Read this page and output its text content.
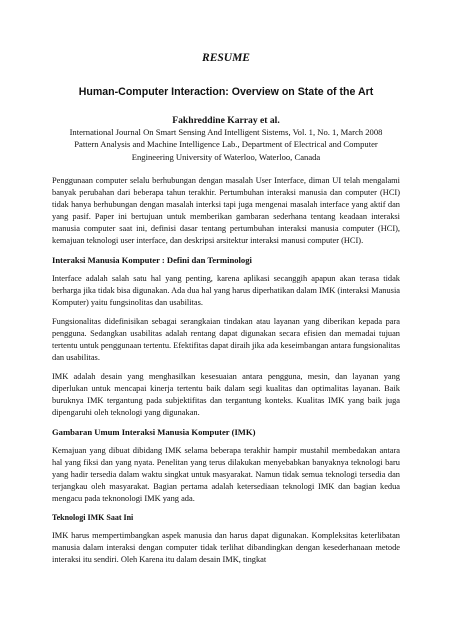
RESUME
Human-Computer Interaction: Overview on State of the Art
Fakhreddine Karray et al.
International Journal On Smart Sensing And Intelligent Sistems, Vol. 1, No. 1, March 2008
Pattern Analysis and Machine Intelligence Lab., Department of Electrical and Computer
Engineering University of Waterloo, Waterloo, Canada

Penggunaan computer selalu berhubungan dengan masalah User Interface, diman UI telah mengalami banyak perubahan dari beberapa tahun terakhir. Pertumbuhan interaksi manusia dan computer (HCI) tidak hanya berhubungan dengan masalah interksi tapi juga mengenai masalah interface yang aktif dan yang pasif. Paper ini bertujuan untuk memberikan gambaran sederhana tentang keadaan interaksi manusia computer saat ini, definisi dasar tentang pertumbuhan interaksi manusia computer (HCI), kemajuan teknologi user interface, dan deskripsi arsitektur interaksi manusi computer (HCI).

Interaksi Manusia Komputer : Defini dan Terminologi

Interface adalah salah satu hal yang penting, karena aplikasi secanggih apapun akan terasa tidak berharga jika tidak bisa digunakan. Ada dua hal yang harus diperhatikan dalam IMK (interaksi Manusia Komputer) yaitu fungsinolitas dan usabilitas.

Fungsionalitas didefinisikan sebagai serangkaian tindakan atau layanan yang diberikan kepada para pengguna. Sedangkan usabilitas adalah rentang dapat digunakan secara efisien dan memadai tujuan tertentu untuk penggunaan tertentu. Efektifitas dapat diraih jika ada keseimbangan antara fungsionalitas dan usabilitas.

IMK adalah desain yang menghasilkan kesesuaian antara pengguna, mesin, dan layanan yang diperlukan untuk mencapai kinerja tertentu baik dalam segi kualitas dan optimalitas layanan. Baik buruknya IMK tergantung pada subjektifitas dan tergantung konteks. Kualitas IMK yang baik juga dipengaruhi oleh teknologi yang digunakan.

Gambaran Umum Interaksi Manusia Komputer (IMK)

Kemajuan yang dibuat dibidang IMK selama beberapa terakhir hampir mustahil membedakan antara hal yang fiksi dan yang nyata. Penelitan yang terus dilakukan menyebabkan banyaknya teknologi baru yang hadir tersedia dalam waktu singkat untuk masyarakat. Namun tidak semua teknologi tersedia dan terjangkau oleh masyarakat. Bagian pertama adalah ketersediaan teknologi IMK dan bagian kedua mengacu pada teknonologi IMK yang ada.

Teknologi IMK Saat Ini

IMK harus mempertimbangkan aspek manusia dan harus dapat digunakan. Kompleksitas keterlibatan manusia dalam interaksi dengan computer tidak terlihat dibandingkan dengan kesederhanaan metode interaksi itu sendiri. Oleh Karena itu dalam desain IMK, tingkat
